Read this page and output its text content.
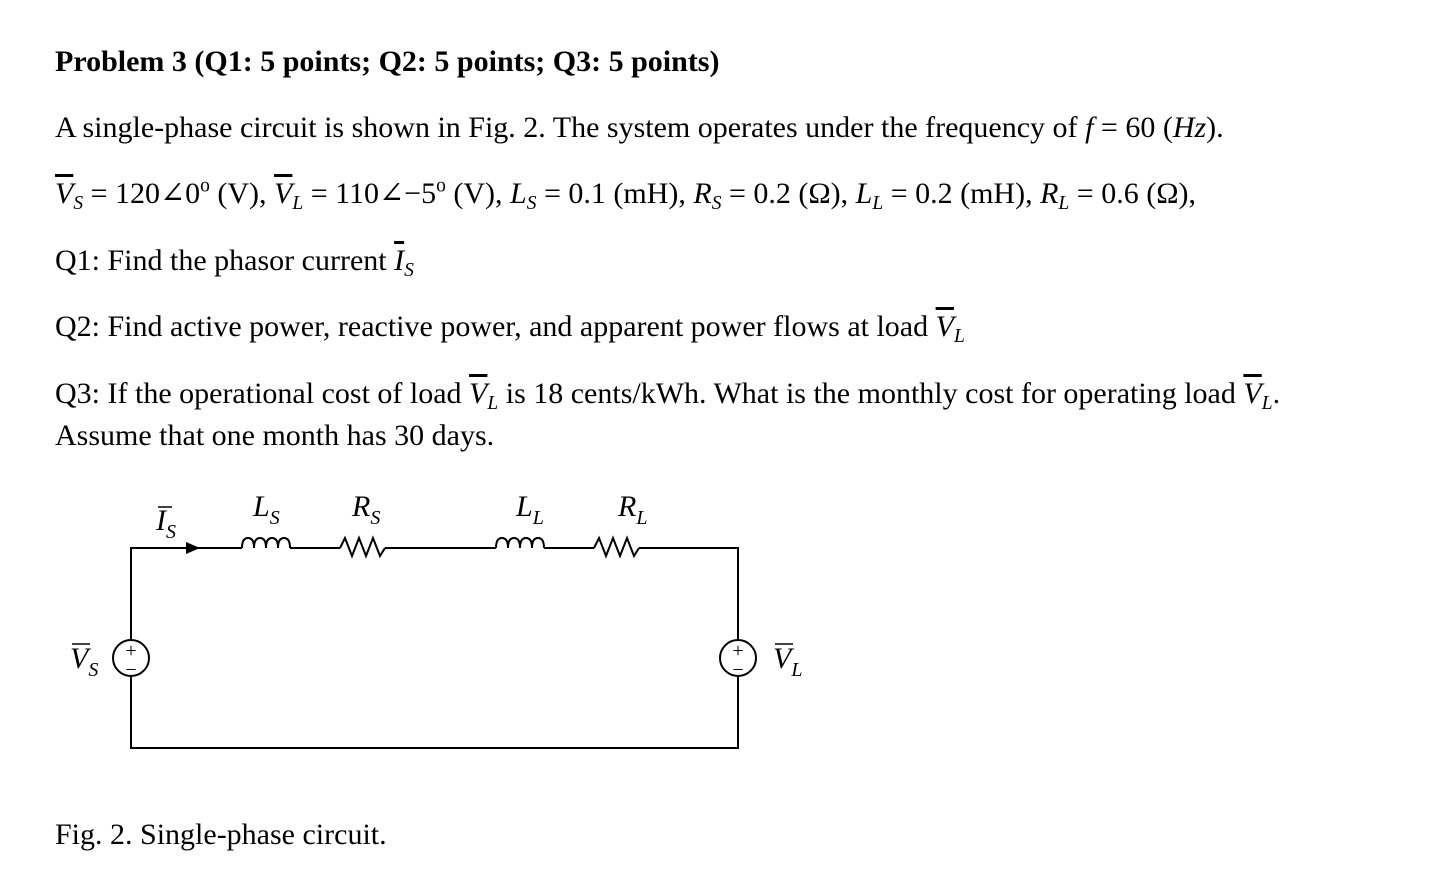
Problem 3 (Q1: 5 points; Q2: 5 points; Q3: 5 points)
A single-phase circuit is shown in Fig. 2. The system operates under the frequency of f = 60 (Hz).
$\overline{V}_S$ = $120\angle 0^o$ (V), $\overline{V}_L$ = $110\angle-5^o$ (V), $L_S = 0.1$ (mH), $R_S = 0.2$ (Ω), $L_L = 0.2$ (mH), $R_L = 0.6$ (Ω),
Q1: Find the phasor current $\overline{I}_S$
Q2: Find active power, reactive power, and apparent power flows at load $\overline{V}_L$
Q3: If the operational cost of load $\overline{V}_L$ is 18 cents/kWh. What is the monthly cost for operating load $\overline{V}_L$.
Assume that one month has 30 days.
+
−
+
−
$I_S$
$L_S$ $R_S$	$L_L$ $R_L$
$V_S$	$V_L$
Fig. 2. Single-phase circuit.
